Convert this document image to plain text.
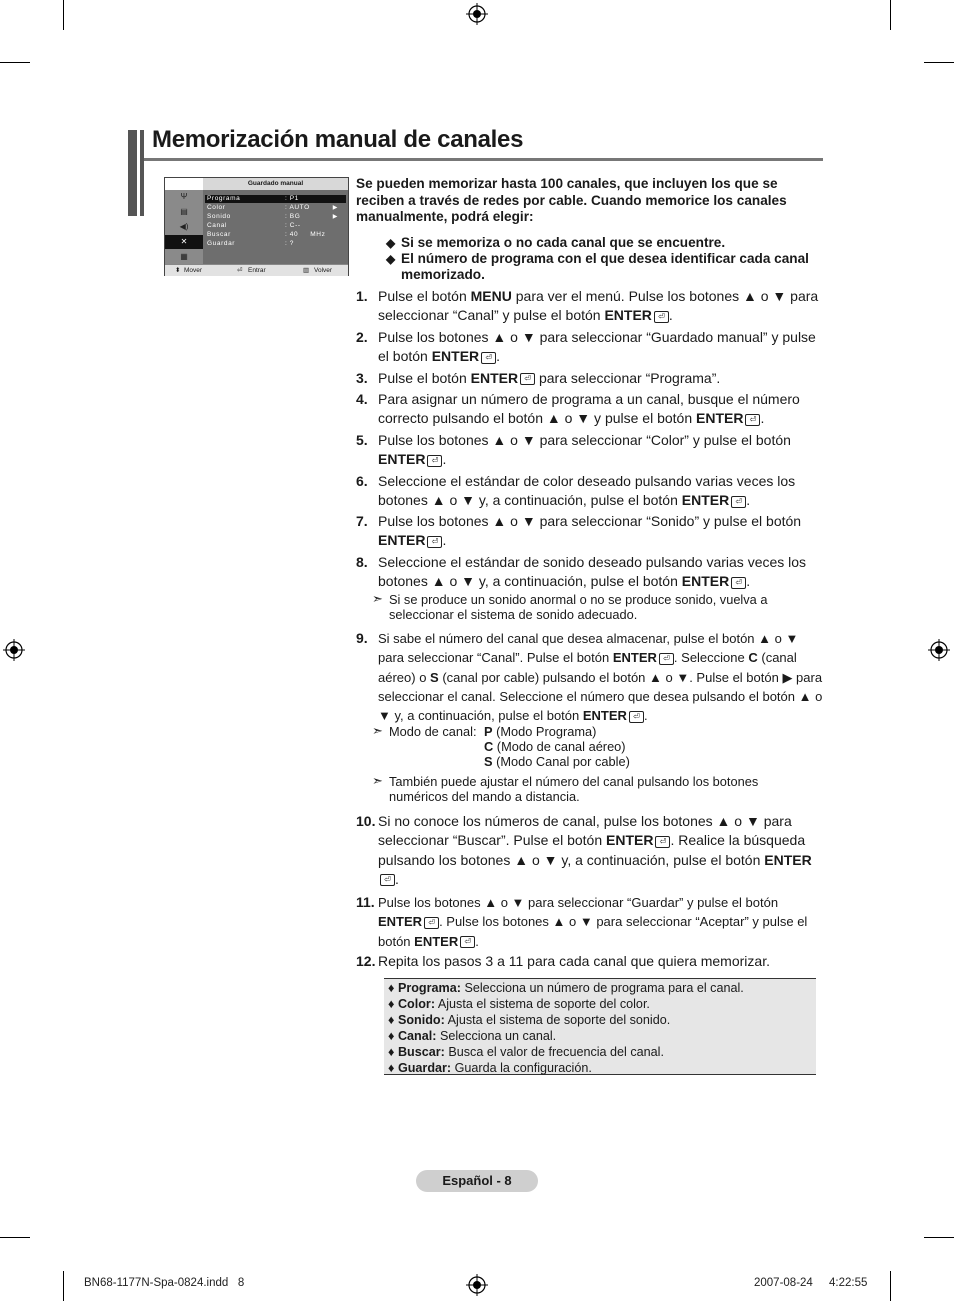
Memorización manual de canales
Guardado manual
Ψ
▤
◀)
✕
▦
Programa	: P1
Color	: AUTO	▶
Sonido	: BG	▶
Canal	: C--
Buscar	: 40     MHz
Guardar	: ?
⬍ Mover	⏎ Entrar	▥ Volver
Se pueden memorizar hasta 100 canales, que incluyen los que se reciben a través de redes por cable. Cuando memorice los canales manualmente, podrá elegir:
◆ Si se memoriza o no cada canal que se encuentre.
◆ El número de programa con el que desea identificar cada canal memorizado.
1. Pulse el botón MENU para ver el menú. Pulse los botones ▲ o ▼ para seleccionar “Canal” y pulse el botón ENTER ⏎ .
2. Pulse los botones ▲ o ▼ para seleccionar “Guardado manual” y pulse el botón ENTER ⏎ .
3. Pulse el botón ENTER ⏎ para seleccionar “Programa”.
4. Para asignar un número de programa a un canal, busque el número correcto pulsando el botón ▲ o ▼ y pulse el botón ENTER ⏎ .
5. Pulse los botones ▲ o ▼ para seleccionar “Color” y pulse el botón ENTER ⏎ .
6. Seleccione el estándar de color deseado pulsando varias veces los botones ▲ o ▼ y, a continuación, pulse el botón ENTER ⏎ .
7. Pulse los botones ▲ o ▼ para seleccionar “Sonido” y pulse el botón ENTER ⏎ .
8. Seleccione el estándar de sonido deseado pulsando varias veces los botones ▲ o ▼ y, a continuación, pulse el botón ENTER ⏎ .
9. Si sabe el número del canal que desea almacenar, pulse el botón ▲ o ▼ para seleccionar “Canal”. Pulse el botón ENTER ⏎ . Seleccione C (canal aéreo) o S (canal por cable) pulsando el botón ▲ o ▼. Pulse el botón ▶ para seleccionar el canal. Seleccione el número que desea pulsando el botón ▲ o ▼ y, a continuación, pulse el botón ENTER ⏎ .
10. Si no conoce los números de canal, pulse los botones ▲ o ▼ para seleccionar “Buscar”. Pulse el botón ENTER ⏎ . Realice la búsqueda pulsando los botones ▲ o ▼ y, a continuación, pulse el botón ENTER⏎ .
11. Pulse los botones ▲ o ▼ para seleccionar “Guardar” y pulse el botón ENTER ⏎ . Pulse los botones ▲ o ▼ para seleccionar “Aceptar” y pulse el botón ENTER ⏎ .
12. Repita los pasos 3 a 11 para cada canal que quiera memorizar.
➣ Si se produce un sonido anormal o no se produce sonido, vuelva a seleccionar el sistema de sonido adecuado.
➣ Modo de canal: P (Modo Programa)
C (Modo de canal aéreo)
S (Modo Canal por cable)
➣ También puede ajustar el número del canal pulsando los botones numéricos del mando a distancia.
♦ Programa: Selecciona un número de programa para el canal.
♦ Color: Ajusta el sistema de soporte del color.
♦ Sonido: Ajusta el sistema de soporte del sonido.
♦ Canal: Selecciona un canal.
♦ Buscar: Busca el valor de frecuencia del canal.
♦ Guardar: Guarda la configuración.
Español - 8
BN68-1177N-Spa-0824.indd   8	2007-08-24 4:22:55
